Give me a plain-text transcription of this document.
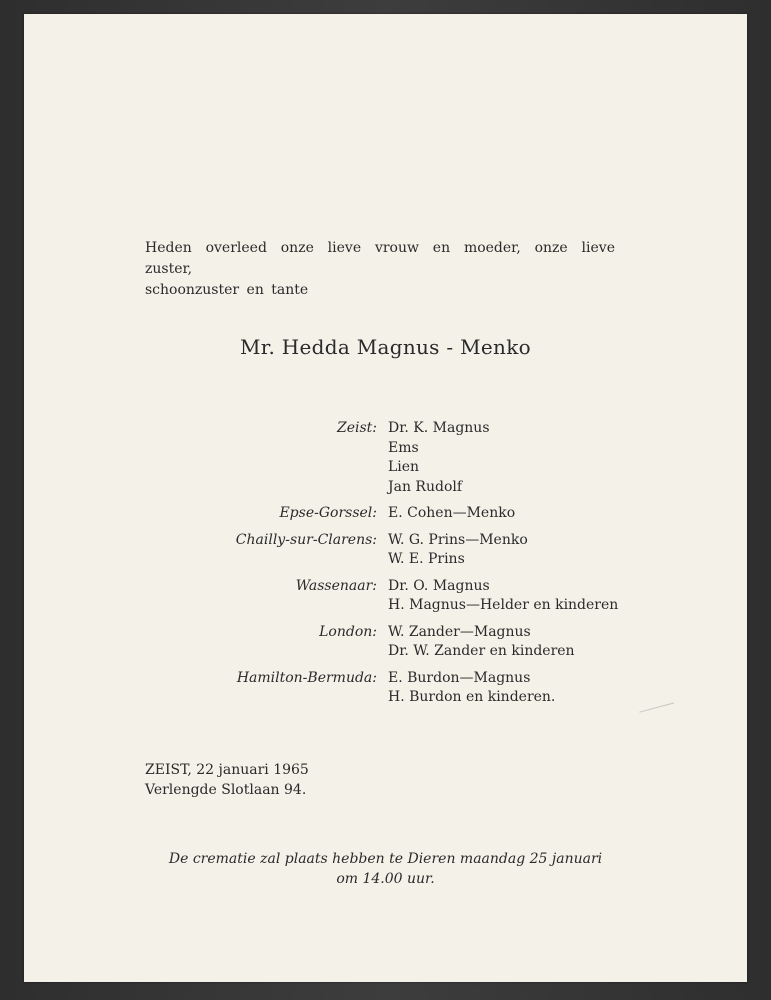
Heden overleed onze lieve vrouw en moeder, onze lieve zuster,
schoonzuster en tante
Mr. Hedda Magnus - Menko
Zeist: Dr. K. Magnus
Ems
Lien
Jan Rudolf
Epse-Gorssel: E. Cohen—Menko
Chailly-sur-Clarens: W. G. Prins—Menko
W. E. Prins
Wassenaar: Dr. O. Magnus
H. Magnus—Helder en kinderen
London: W. Zander—Magnus
Dr. W. Zander en kinderen
Hamilton-Bermuda: E. Burdon—Magnus
H. Burdon en kinderen.
ZEIST, 22 januari 1965
Verlengde Slotlaan 94.
De crematie zal plaats hebben te Dieren maandag 25 januari
om 14.00 uur.
